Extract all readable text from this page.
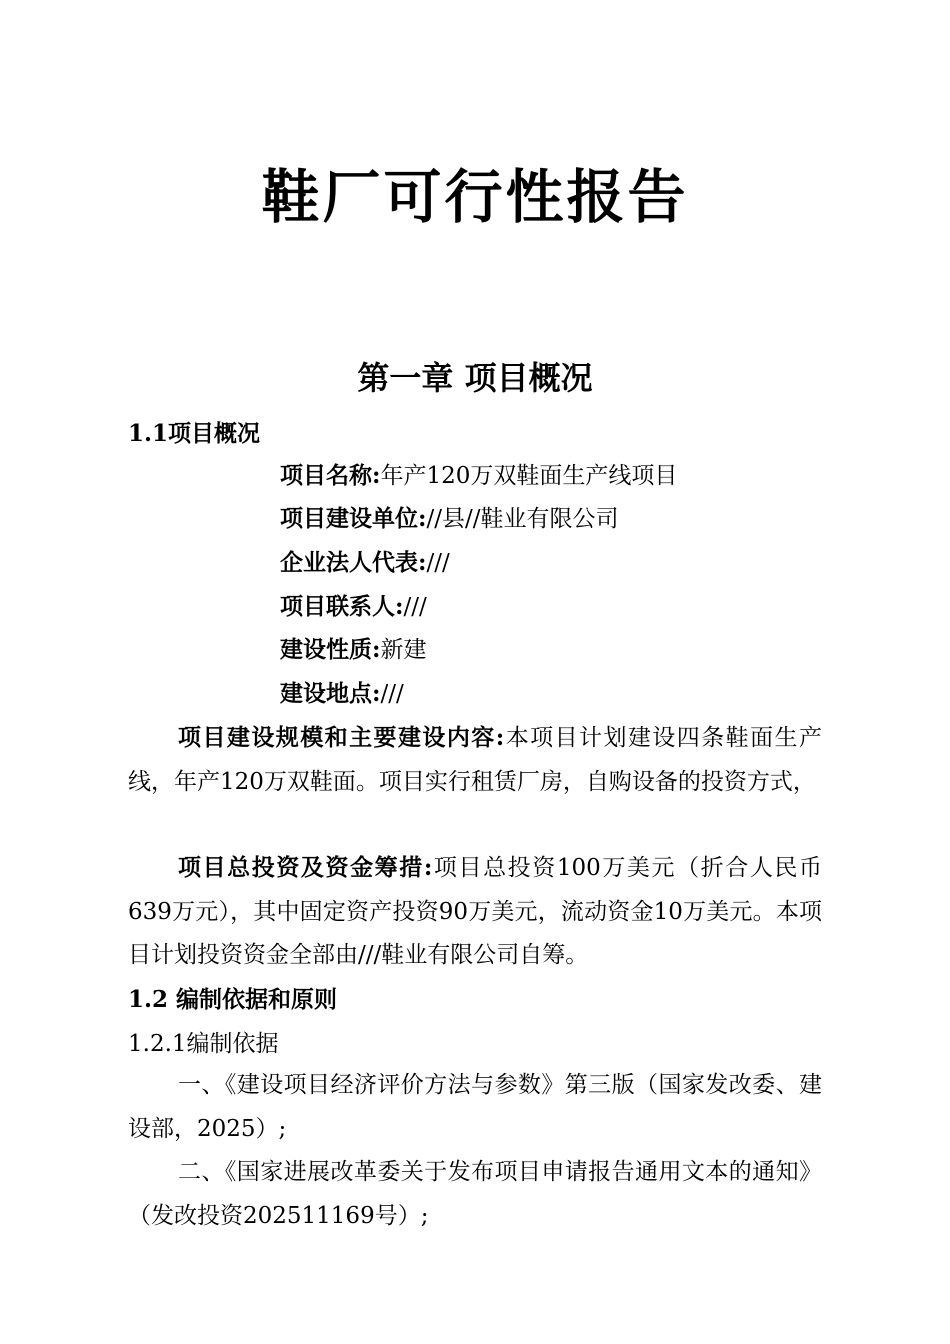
鞋厂可行性报告
第一章 项目概况
1.1项目概况
项目名称:年产120万双鞋面生产线项目
项目建设单位://县//鞋业有限公司
企业法人代表:///
项目联系人:///
建设性质:新建
建设地点:///
项目建设规模和主要建设内容:本项目计划建设四条鞋面生产线，年产120万双鞋面。项目实行租赁厂房，自购设备的投资方式，
项目总投资及资金筹措:项目总投资100万美元（折合人民币639万元），其中固定资产投资90万美元，流动资金10万美元。本项目计划投资资金全部由///鞋业有限公司自筹。
1.2 编制依据和原则
1.2.1编制依据
一、《建设项目经济评价方法与参数》第三版（国家发改委、建设部，2025）;
二、《国家进展改革委关于发布项目申请报告通用文本的通知》（发改投资202511169号）;
